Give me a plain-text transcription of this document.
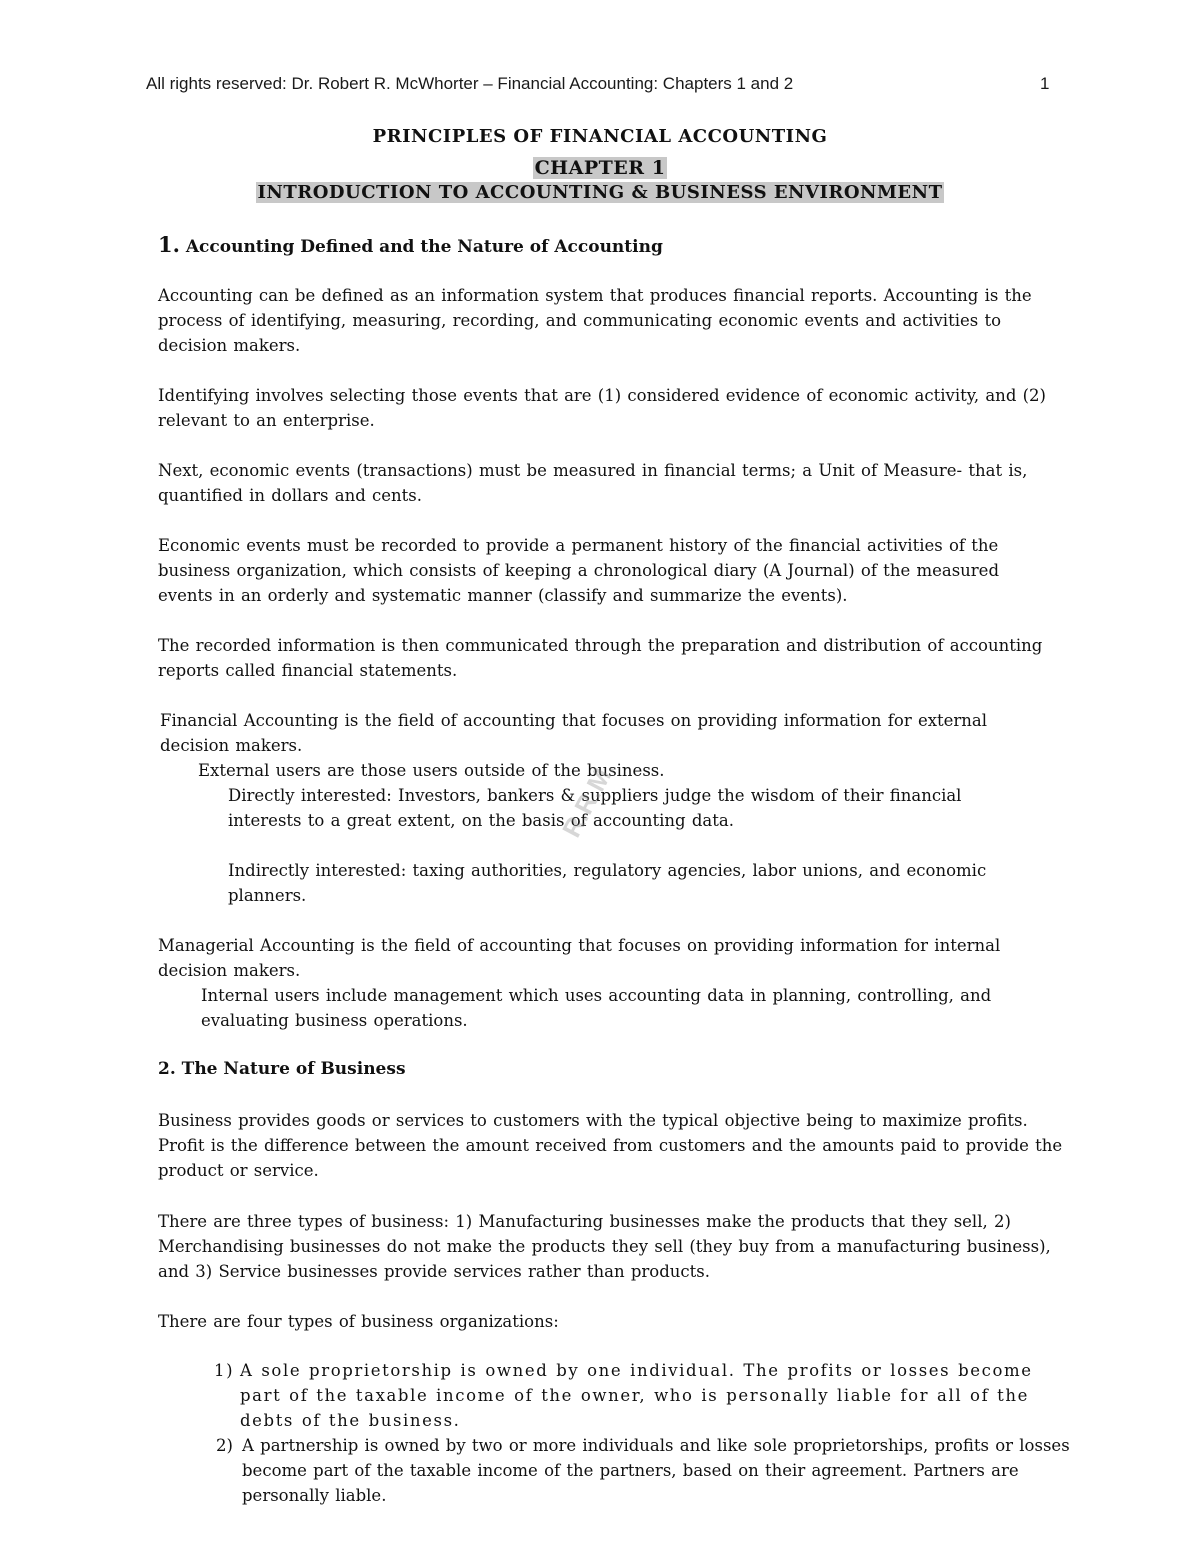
All rights reserved: Dr. Robert R. McWhorter – Financial Accounting: Chapters 1 and 2	1
PRINCIPLES OF FINANCIAL ACCOUNTING
CHAPTER 1
INTRODUCTION TO ACCOUNTING & BUSINESS ENVIRONMENT
1. Accounting Defined and the Nature of Accounting
Accounting can be defined as an information system that produces financial reports. Accounting is the process of identifying, measuring, recording, and communicating economic events and activities to decision makers.
Identifying involves selecting those events that are (1) considered evidence of economic activity, and (2) relevant to an enterprise.
Next, economic events (transactions) must be measured in financial terms; a Unit of Measure- that is, quantified in dollars and cents.
Economic events must be recorded to provide a permanent history of the financial activities of the business organization, which consists of keeping a chronological diary (A Journal) of the measured events in an orderly and systematic manner (classify and summarize the events).
The recorded information is then communicated through the preparation and distribution of accounting reports called financial statements.
Financial Accounting is the field of accounting that focuses on providing information for external decision makers.
External users are those users outside of the business.
Directly interested: Investors, bankers & suppliers judge the wisdom of their financial interests to a great extent, on the basis of accounting data.
Indirectly interested: taxing authorities, regulatory agencies, labor unions, and economic planners.
Managerial Accounting is the field of accounting that focuses on providing information for internal decision makers.
Internal users include management which uses accounting data in planning, controlling, and evaluating business operations.
2. The Nature of Business
Business provides goods or services to customers with the typical objective being to maximize profits. Profit is the difference between the amount received from customers and the amounts paid to provide the product or service.
There are three types of business: 1) Manufacturing businesses make the products that they sell, 2) Merchandising businesses do not make the products they sell (they buy from a manufacturing business), and 3) Service businesses provide services rather than products.
There are four types of business organizations:
1) A sole proprietorship is owned by one individual. The profits or losses become part of the taxable income of the owner, who is personally liable for all of the debts of the business.
2) A partnership is owned by two or more individuals and like sole proprietorships, profits or losses become part of the taxable income of the partners, based on their agreement. Partners are personally liable.
R.R.M.
